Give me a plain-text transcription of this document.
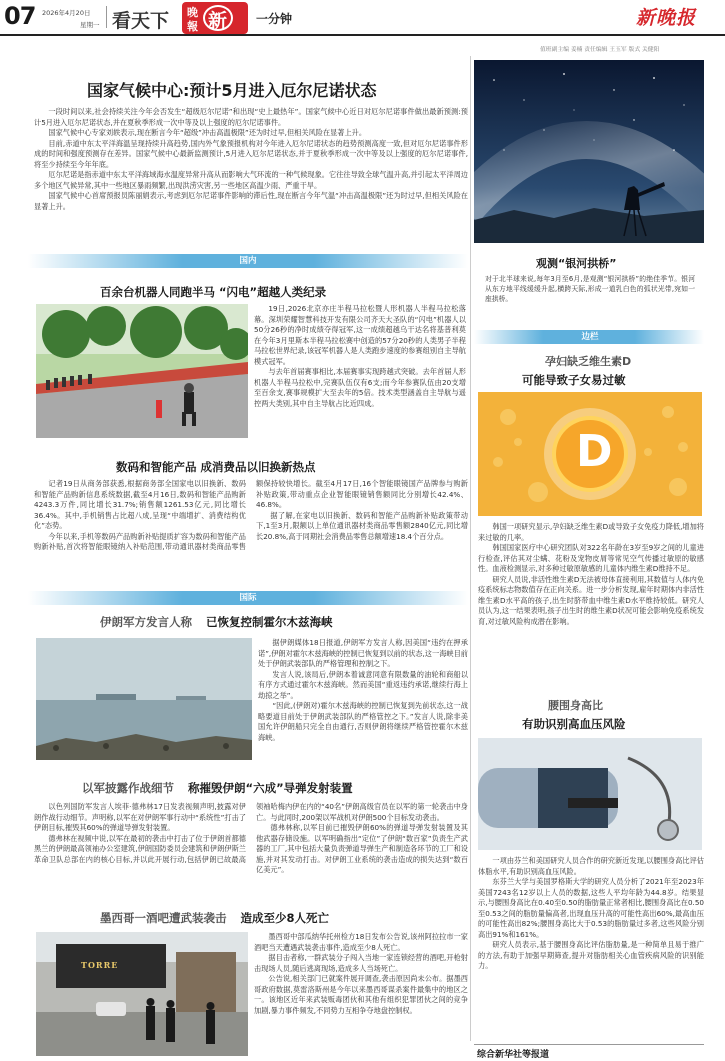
07 2026年4月20日
星期一 看天下 晚
報 新 一分钟	新晚报
值班副主编 姜楠 责任编辑 王玉军 版式 关健阳
国家气候中心:预计5月进入厄尔尼诺状态

一段时间以来,社会持续关注今年会否发生“超级厄尔尼诺”和出现“史上最热年”。国家气候中心近日对厄尔尼诺事件做出最新预测:预计5月进入厄尔尼诺状态,并在夏秋季形成一次中等及以上强度的厄尔尼诺事件。

国家气候中心专家刘轶表示,现在断言今年“超级”冲击高温极限”还为时过早,但相关风险在显著上升。

目前,赤道中东太平洋海温呈现持续升高趋势,国内外气象预报机构对今年进入厄尔尼诺状态的趋势预测高度一致,但对厄尔尼诺事件形成的时间和强度预测存在差异。国家气候中心最新监测预计,5月进入厄尔尼诺状态,并于夏秋季形成一次中等及以上强度的厄尔尼诺事件,将至少持续至今年年底。

厄尔尼诺是指赤道中东太平洋海域海水温度异常升高从而影响大气环流的一种气候现象。它往往导致全球气温升高,并引起太平洋周边多个地区气候异常,其中一些地区暴雨频繁,出现洪涝灾害,另一些地区高温少雨、严重干旱。

国家气候中心首席预报员陈丽娟表示,考虑到厄尔尼诺事件影响的滞后性,现在断言今年气温“冲击高温极限”还为时过早,但相关风险在显著上升。

观测“银河拱桥”
对于北半球来说,每年3月至6月,是观测“银河拱桥”的绝佳季节。银河从东方地平线缓缓升起,横跨天际,形成一道乳白色的弧状光带,宛如一座拱桥。
国内
百余台机器人同跑半马 “闪电”超越人类纪录

19日,2026北京亦庄半程马拉松暨人形机器人半程马拉松落幕。深圳荣耀智慧科技开发有限公司齐天大圣队的“闪电”机器人以50分26秒的净时成绩夺得冠军,这一成绩超越乌干达名将基普利莫在今年3月里斯本半程马拉松赛中创造的57分20秒的人类男子半程马拉松世界纪录,该冠军机器人是人类跑步速度的参赛组别自主导航模式冠军。

与去年首届赛事相比,本届赛事实现跨越式突破。去年首届人形机器人半程马拉松中,完赛队伍仅有6支;而今年参赛队伍由20支增至百余支,赛事规模扩大至去年的5倍。技术类型涵盖自主导航与遥控两大类别,其中自主导航占比近四成。

数码和智能产品 成消费品以旧换新热点

记者19日从商务部获悉,根据商务部全国家电以旧换新、数码和智能产品购新信息系统数据,截至4月16日,数码和智能产品购新4243.3万件,同比增长31.7%;销售额1261.53亿元,同比增长36.4%。其中,手机销售占比超八成,呈现“中端增扩、消费结构优化”态势。

今年以来,手机等数码产品购新补贴提质扩容为数码和智能产品购新补贴,首次将智能眼镜纳入补贴范围,带动通讯器材类商品零售额保持较快增长。截至4月17日,16个智能眼镜国产品牌参与购新补贴政策,带动重点企业智能眼镜销售额同比分别增长42.4%、46.8%。

据了解,在家电以旧换新、数码和智能产品购新补贴政策带动下,1至3月,限额以上单位通讯器材类商品零售额2840亿元,同比增长20.8%,高于同期社会消费品零售总额增速18.4个百分点。

国际
伊朗军方发言人称 已恢复控制霍尔木兹海峡

据伊朗媒体18日报道,伊朗军方发言人称,因美国“违约在押承诺”,伊朗对霍尔木兹海峡的控制已恢复到以前的状态,这一海峡目前处于伊朗武装部队的严格管理和控制之下。

发言人说,该局后,伊朗本着诚意同意有限数量的油轮和商船以有序方式通过霍尔木兹海峡。然而美国“重返违约承诺,继续行海上劫掠之举”。

“因此,(伊朗对)霍尔木兹海峡的控制已恢复到先前状态,这一战略要道目前处于伊朗武装部队的严格管控之下。”发言人说,除非美国允许伊朗船只完全自由通行,否则伊朗将继续严格管控霍尔木兹海峡。

以军披露作战细节 称摧毁伊朗“六成”导弹发射装置

以色列国防军发言人埃菲·德弗林17日发表视频声明,披露对伊朗作战行动细节。声明称,以军在对伊朗军事行动中“系统性”打击了伊朗目标,摧毁其60%的弹道导弹发射装置。

德弗林在视频中说,以军在最初的袭击中打击了位于伊朗首都德黑兰的伊朗最高领袖办公室建筑,伊朗国防委员会建筑和伊朗伊斯兰革命卫队总部在内的核心目标,并以此开展行动,包括伊朗已故最高领袖哈梅内伊在内的“40名”伊朗高级官员在以军的第一轮袭击中身亡。与此同时,200架以军战机对伊朗500个目标发动袭击。

德弗林称,以军目前已摧毁伊朗60%的弹道导弹发射装置及其他武器存储设施。以军明确指出“定位”了伊朗“数百家”负责生产武器的工厂,其中包括大量负责弹道导弹生产和制造各环节的工厂和设施,并对其发动打击。对伊朗工业系统的袭击造成的损失达到“数百亿美元”。

墨西哥一酒吧遭武装袭击 造成至少8人死亡
TORRE

墨西哥中部瓜纳华托州检方18日发布公告说,该州阿拉拉市一家酒吧当天遭遇武装袭击事件,造成至少8人死亡。

据目击者称,一群武装分子闯入当地一家连锁经营的酒吧,开枪射击现场人员,随后逃离现场,造成多人当场死亡。

公告说,相关部门已就案件展开调查,袭击原因尚未公布。据墨西哥政府数据,莫雷洛斯州是今年以来墨西哥谋杀案件最集中的地区之一。该地区近年来武装贩毒团伙和其他有组织犯罪团伙之间的竞争加剧,暴力事件频发,不同势力互相争夺地盘控制权。

边栏
孕妇缺乏维生素D
可能导致子女易过敏
D

韩国一项研究显示,孕妇缺乏维生素D或导致子女免疫力降低,增加将来过敏的几率。

韩国国家医疗中心研究团队对322名年龄在3岁至9岁之间的儿童进行检查,评估其对尘螨、花粉及宠物皮屑等常见空气传播过敏原的敏感性。血液检测显示,对多种过敏原敏感的儿童体内维生素D维持不足。

研究人员说,非活性维生素D无法被母体直接利用,其数值与人体内免疫系统标志物数值存在正向关系。进一步分析发现,雇年时期体内非活性维生素D水平高的孩子,出生时脐带血中维生素D水平维持较低。研究人员认为,这一结果表明,孩子出生时的维生素D状况可能会影响免疫系统发育,对过敏风险构成潜在影响。

腰围身高比
有助识别高血压风险

一项由芬兰和美国研究人员合作的研究新近发现,以腰围身高比评估体脂水平,有助识别高血压风险。

东芬兰大学与美国罗格斯大学的研究人员分析了2021年至2023年美国7243名12岁以上人员的数据,这些人平均年龄为44.8岁。结果显示,与腰围身高比在0.40至0.50的脂肪量正常者相比,腰围身高比在0.50至0.53之间的脂肪量偏高者,出现血压升高的可能性高出60%,最高血压的可能性高出82%;腰围身高比大于0.53的脂肪量过多者,这些风险分别高出91%和161%。

研究人员表示,基于腰围身高比评估脂肪量,是一种简单且易于推广的方法,有助于加强早期筛查,提升对脂肪相关心血管疾病风险的识别能力。

综合新华社等报道
